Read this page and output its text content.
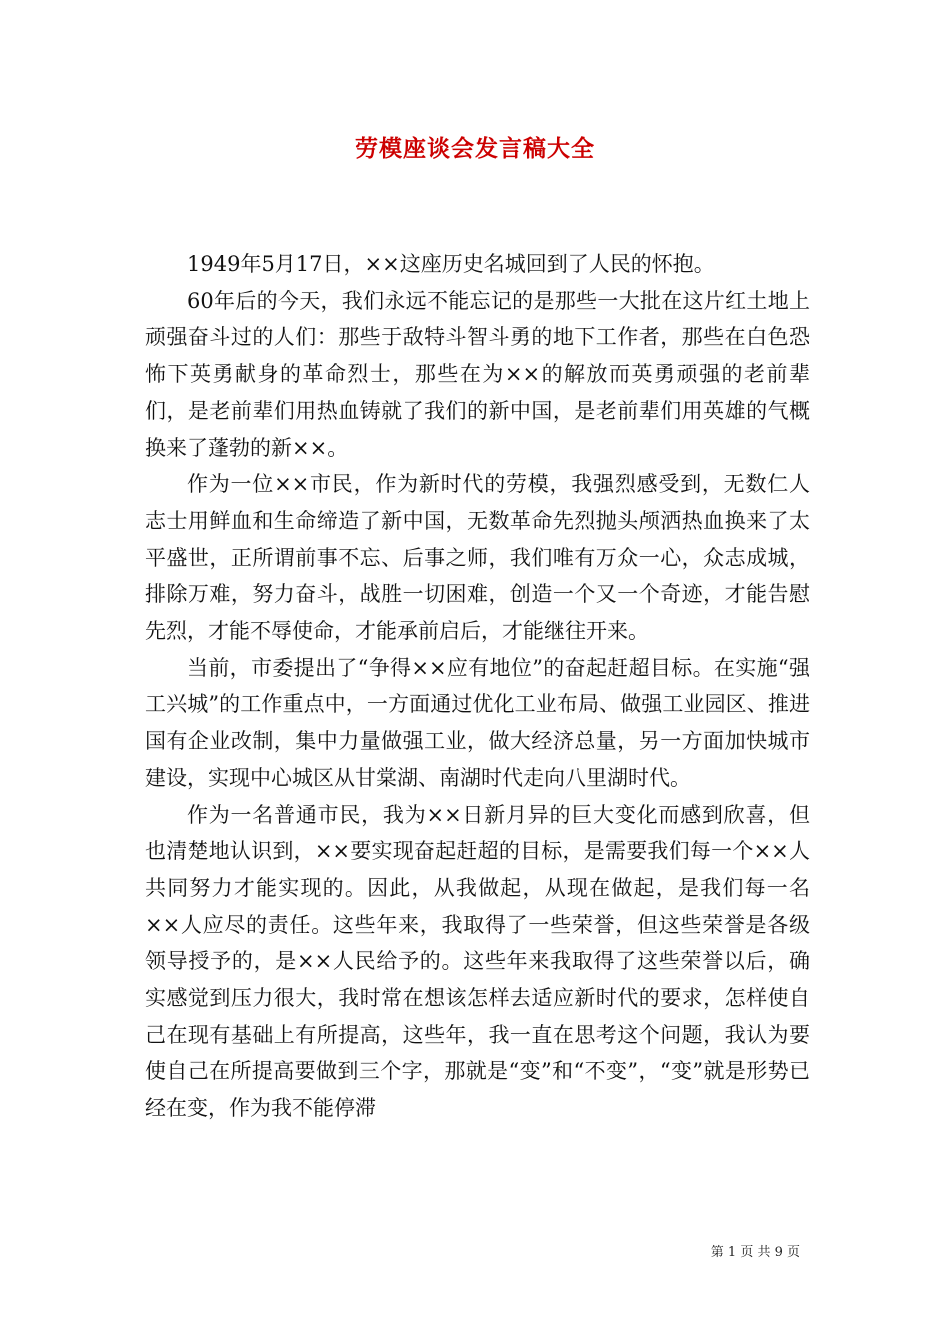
劳模座谈会发言稿大全

1949年5月17日，××这座历史名城回到了人民的怀抱。

60年后的今天，我们永远不能忘记的是那些一大批在这片红土地上顽强奋斗过的人们：那些于敌特斗智斗勇的地下工作者，那些在白色恐怖下英勇献身的革命烈士，那些在为××的解放而英勇顽强的老前辈们，是老前辈们用热血铸就了我们的新中国，是老前辈们用英雄的气概换来了蓬勃的新××。

作为一位××市民，作为新时代的劳模，我强烈感受到，无数仁人志士用鲜血和生命缔造了新中国，无数革命先烈抛头颅洒热血换来了太平盛世，正所谓前事不忘、后事之师，我们唯有万众一心，众志成城，排除万难，努力奋斗，战胜一切困难，创造一个又一个奇迹，才能告慰先烈，才能不辱使命，才能承前启后，才能继往开来。

当前，市委提出了“争得××应有地位”的奋起赶超目标。在实施“强工兴城”的工作重点中，一方面通过优化工业布局、做强工业园区、推进国有企业改制，集中力量做强工业，做大经济总量，另一方面加快城市建设，实现中心城区从甘棠湖、南湖时代走向八里湖时代。

作为一名普通市民，我为××日新月异的巨大变化而感到欣喜，但也清楚地认识到，××要实现奋起赶超的目标，是需要我们每一个××人共同努力才能实现的。因此，从我做起，从现在做起，是我们每一名××人应尽的责任。这些年来，我取得了一些荣誉，但这些荣誉是各级领导授予的，是××人民给予的。这些年来我取得了这些荣誉以后，确实感觉到压力很大，我时常在想该怎样去适应新时代的要求，怎样使自己在现有基础上有所提高，这些年，我一直在思考这个问题，我认为要使自己在所提高要做到三个字，那就是“变”和“不变”，“变”就是形势已经在变，作为我不能停滞

第 1 页 共 9 页
